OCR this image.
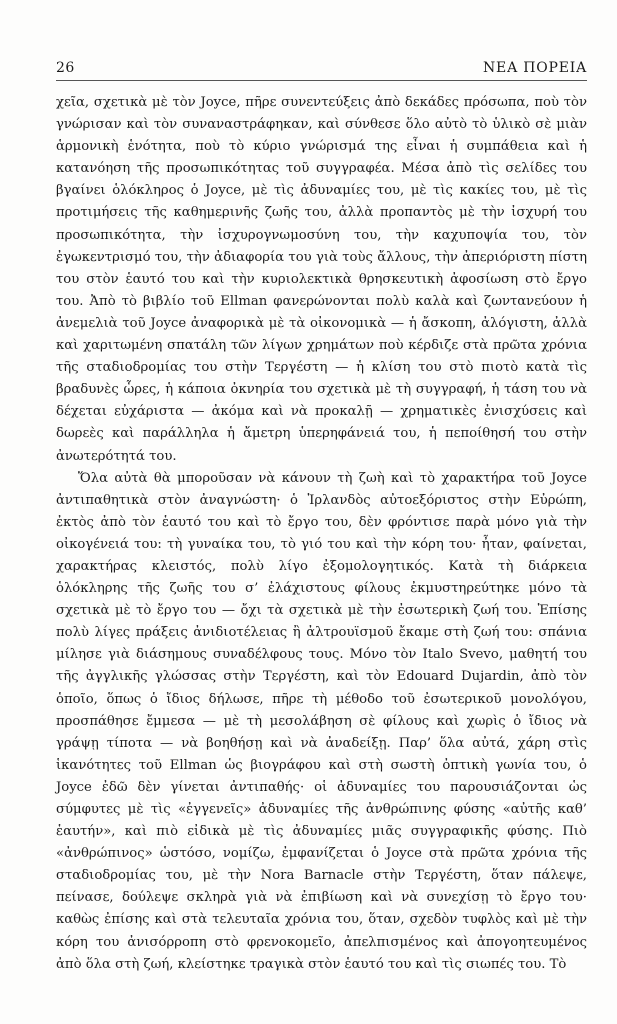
26	ΝΕΑ ΠΟΡΕΙΑ

χεῖα, σχετικὰ μὲ τὸν Joyce, πῆρε συνεντεύξεις ἀπὸ δεκάδες πρόσωπα, ποὺ τὸν γνώρισαν καὶ τὸν συναναστράφηκαν, καὶ σύνθεσε ὅλο αὐτὸ τὸ ὑλικὸ σὲ μιὰν ἁρμονικὴ ἑνότητα, ποὺ τὸ κύριο γνώρισμά της εἶναι ἡ συμπάθεια καὶ ἡ κατανόηση τῆς προσωπικότητας τοῦ συγγραφέα. Μέσα ἀπὸ τὶς σελίδες του βγαίνει ὁλόκληρος ὁ Joyce, μὲ τὶς ἀδυναμίες του, μὲ τὶς κακίες του, μὲ τὶς προτιμήσεις τῆς καθημερινῆς ζωῆς του, ἀλλὰ προπαντὸς μὲ τὴν ἰσχυρή του προσωπικότητα, τὴν ἰσχυρογνωμοσύνη του, τὴν καχυποψία του, τὸν ἐγωκεντρισμό του, τὴν ἀδιαφορία του γιὰ τοὺς ἄλλους, τὴν ἀπεριόριστη πίστη του στὸν ἑαυτό του καὶ τὴν κυριολεκτικὰ θρησκευτικὴ ἀφοσίωση στὸ ἔργο του. Ἀπὸ τὸ βιβλίο τοῦ Ellman φανερώνονται πολὺ καλὰ καὶ ζωντανεύουν ἡ ἀνεμελιὰ τοῦ Joyce ἀναφορικὰ μὲ τὰ οἰκονομικὰ — ἡ ἄσκοπη, ἀλόγιστη, ἀλλὰ καὶ χαριτωμένη σπατάλη τῶν λίγων χρημάτων ποὺ κέρδιζε στὰ πρῶτα χρόνια τῆς σταδιοδρομίας του στὴν Τεργέστη — ἡ κλίση του στὸ πιοτὸ κατὰ τὶς βραδυνὲς ὧρες, ἡ κάποια ὀκνηρία του σχετικὰ μὲ τὴ συγγραφή, ἡ τάση του νὰ δέχεται εὐχάριστα — ἀκόμα καὶ νὰ προκαλῇ — χρηματικὲς ἐνισχύσεις καὶ δωρεὲς καὶ παράλληλα ἡ ἄμετρη ὑπερηφάνειά του, ἡ πεποίθησή του στὴν ἀνωτερότητά του.

Ὅλα αὐτὰ θὰ μποροῦσαν νὰ κάνουν τὴ ζωὴ καὶ τὸ χαρακτήρα τοῦ Joyce ἀντιπαθητικὰ στὸν ἀναγνώστη· ὁ Ἰρλανδὸς αὐτοεξόριστος στὴν Εὐρώπη, ἐκτὸς ἀπὸ τὸν ἑαυτό του καὶ τὸ ἔργο του, δὲν φρόντισε παρὰ μόνο γιὰ τὴν οἰκογένειά του: τὴ γυναίκα του, τὸ γιό του καὶ τὴν κόρη του· ἦταν, φαίνεται, χαρακτήρας κλειστός, πολὺ λίγο ἐξομολογητικός. Κατὰ τὴ διάρκεια ὁλόκληρης τῆς ζωῆς του σ’ ἐλάχιστους φίλους ἐκμυστηρεύτηκε μόνο τὰ σχετικὰ μὲ τὸ ἔργο του — ὄχι τὰ σχετικὰ μὲ τὴν ἐσωτερικὴ ζωή του. Ἐπίσης πολὺ λίγες πράξεις ἀνιδιοτέλειας ἢ ἀλτρουϊσμοῦ ἔκαμε στὴ ζωή του: σπάνια μίλησε γιὰ διάσημους συναδέλφους τους. Μόνο τὸν Italo Svevo, μαθητή του τῆς ἀγγλικῆς γλώσσας στὴν Τεργέστη, καὶ τὸν Edouard Dujardin, ἀπὸ τὸν ὁποῖο, ὅπως ὁ ἴδιος δήλωσε, πῆρε τὴ μέθοδο τοῦ ἐσωτερικοῦ μονολόγου, προσπάθησε ἔμμεσα — μὲ τὴ μεσολάβηση σὲ φίλους καὶ χωρὶς ὁ ἴδιος νὰ γράψῃ τίποτα — νὰ βοηθήσῃ καὶ νὰ ἀναδείξῃ. Παρ’ ὅλα αὐτά, χάρη στὶς ἱκανότητες τοῦ Ellman ὡς βιογράφου καὶ στὴ σωστὴ ὀπτικὴ γωνία του, ὁ Joyce ἐδῶ δὲν γίνεται ἀντιπαθής· οἱ ἀδυναμίες του παρουσιάζονται ὡς σύμφυτες μὲ τὶς «ἐγγενεῖς» ἀδυναμίες τῆς ἀνθρώπινης φύσης «αὐτῆς καθ’ ἑαυτήν», καὶ πιὸ εἰδικὰ μὲ τὶς ἀδυναμίες μιᾶς συγγραφικῆς φύσης. Πιὸ «ἀνθρώπινος» ὡστόσο, νομίζω, ἐμφανίζεται ὁ Joyce στὰ πρῶτα χρόνια τῆς σταδιοδρομίας του, μὲ τὴν Nora Barnacle στὴν Τεργέστη, ὅταν πάλεψε, πείνασε, δούλεψε σκληρὰ γιὰ νὰ ἐπιβίωση καὶ νὰ συνεχίσῃ τὸ ἔργο του· καθὼς ἐπίσης καὶ στὰ τελευταῖα χρόνια του, ὅταν, σχεδὸν τυφλὸς καὶ μὲ τὴν κόρη του ἀνισόρροπη στὸ φρενοκομεῖο, ἀπελπισμένος καὶ ἀπογοητευμένος ἀπὸ ὅλα στὴ ζωή, κλείστηκε τραγικὰ στὸν ἑαυτό του καὶ τὶς σιωπές του. Τὸ
